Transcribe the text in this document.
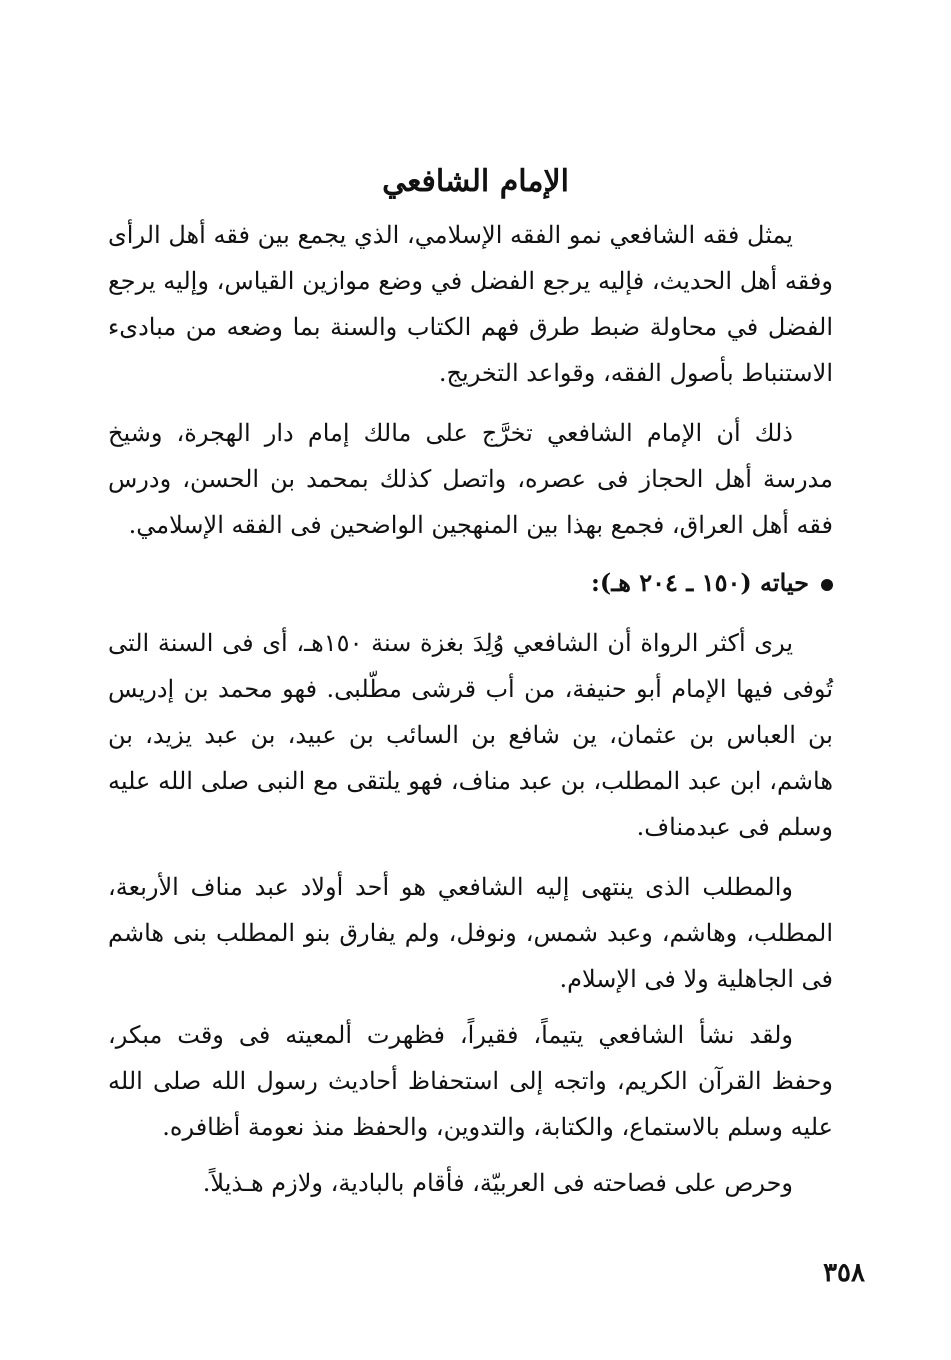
الإمام الشافعي

يمثل فقه الشافعي نمو الفقه الإسلامي، الذي يجمع بين فقه أهل الرأى وفقه أهل الحديث، فإليه يرجع الفضل في وضع موازين القياس، وإليه يرجع الفضل في محاولة ضبط طرق فهم الكتاب والسنة بما وضعه من مبادىء الاستنباط بأصول الفقه، وقواعد التخريج.

ذلك أن الإمام الشافعي تخرَّج على مالك إمام دار الهجرة، وشيخ مدرسة أهل الحجاز فى عصره، واتصل كذلك بمحمد بن الحسن، ودرس فقه أهل العراق، فجمع بهذا بين المنهجين الواضحين فى الفقه الإسلامي.

حياته (١٥٠ ـ ٢٠٤ هـ):

يرى أكثر الرواة أن الشافعي وُلِدَ بغزة سنة ١٥٠هـ، أى فى السنة التى تُوفى فيها الإمام أبو حنيفة، من أب قرشى مطّلبى. فهو محمد بن إدريس بن العباس بن عثمان، ين شافع بن السائب بن عبيد، بن عبد يزيد، بن هاشم، ابن عبد المطلب، بن عبد مناف، فهو يلتقى مع النبى صلى الله عليه وسلم فى عبدمناف.

والمطلب الذى ينتهى إليه الشافعي هو أحد أولاد عبد مناف الأربعة، المطلب، وهاشم، وعبد شمس، ونوفل، ولم يفارق بنو المطلب بنى هاشم فى الجاهلية ولا فى الإسلام.

ولقد نشأ الشافعي يتيماً، فقيراً، فظهرت ألمعيته فى وقت مبكر، وحفظ القرآن الكريم، واتجه إلى استحفاظ أحاديث رسول الله صلى الله عليه وسلم بالاستماع، والكتابة، والتدوين، والحفظ منذ نعومة أظافره.

وحرص على فصاحته فى العربيّة، فأقام بالبادية، ولازم هـذيلاً.

٣٥٨
